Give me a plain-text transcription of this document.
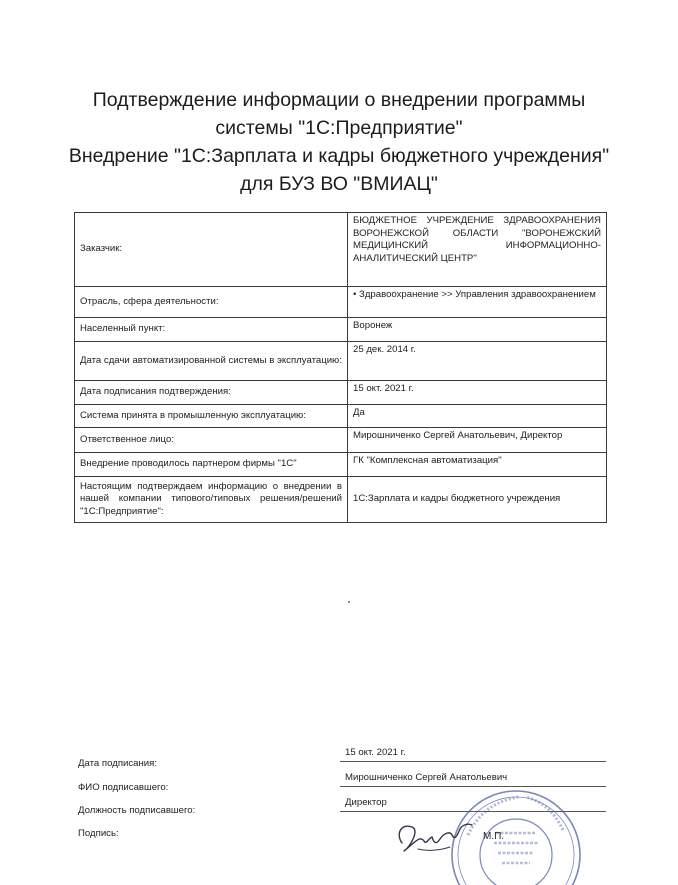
Подтверждение информации о внедрении программы
системы "1С:Предприятие"
Внедрение "1С:Зарплата и кадры бюджетного учреждения"
для БУЗ ВО "ВМИАЦ"
Заказчик:	БЮДЖЕТНОЕ УЧРЕЖДЕНИЕ ЗДРАВООХРАНЕНИЯ ВОРОНЕЖСКОЙ ОБЛАСТИ "ВОРОНЕЖСКИЙ МЕДИЦИНСКИЙ ИНФОРМАЦИОННО-АНАЛИТИЧЕСКИЙ ЦЕНТР"
Отрасль, сфера деятельности:	• Здравоохранение >> Управления здравоохранением
Населенный пункт:	Воронеж
Дата сдачи автоматизированной системы в эксплуатацию:	25 дек. 2014 г.
Дата подписания подтверждения:	15 окт. 2021 г.
Система принята в промышленную эксплуатацию:	Да
Ответственное лицо:	Мирошниченко Сергей Анатольевич, Директор
Внедрение проводилось партнером фирмы "1С"	ГК "Комплексная автоматизация"
Настоящим подтверждаем информацию о внедрении в нашей компании типового/типовых решения/решений "1С:Предприятие":	1С:Зарплата и кадры бюджетного учреждения
Дата подписания:
15 окт. 2021 г.
ФИО подписавшего:
Мирошниченко Сергей Анатольевич
Должность подписавшего:
Директор
Подпись:	М.П.
